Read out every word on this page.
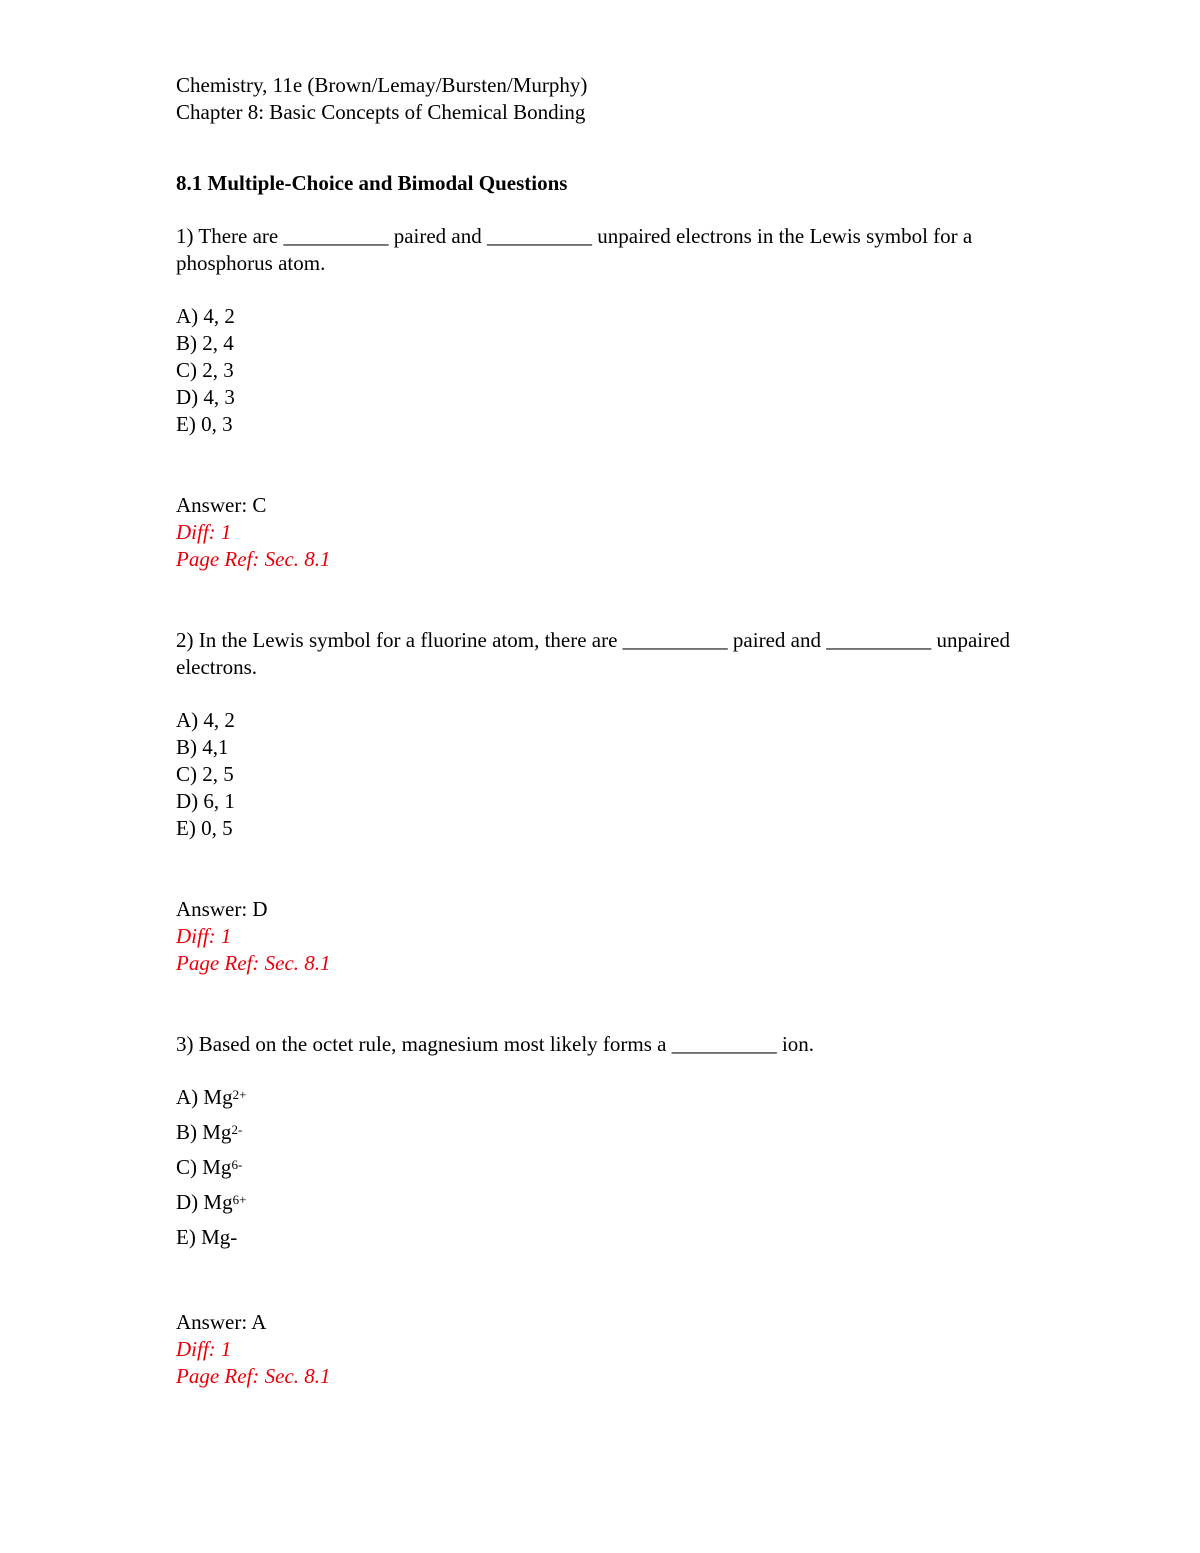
Chemistry, 11e (Brown/Lemay/Bursten/Murphy)
Chapter 8: Basic Concepts of Chemical Bonding
8.1 Multiple-Choice and Bimodal Questions
1) There are __________ paired and __________ unpaired electrons in the Lewis symbol for a phosphorus atom.
A) 4, 2
B) 2, 4
C) 2, 3
D) 4, 3
E) 0, 3
Answer: C
Diff: 1
Page Ref: Sec. 8.1
2) In the Lewis symbol for a fluorine atom, there are __________ paired and __________ unpaired electrons.
A) 4, 2
B) 4,1
C) 2, 5
D) 6, 1
E) 0, 5
Answer: D
Diff: 1
Page Ref: Sec. 8.1
3) Based on the octet rule, magnesium most likely forms a __________ ion.
A) $Mg^{2+}$
B) $Mg^{2-}$
C) $Mg^{6-}$
D) $Mg^{6+}$
E) Mg-
Answer: A
Diff: 1
Page Ref: Sec. 8.1
